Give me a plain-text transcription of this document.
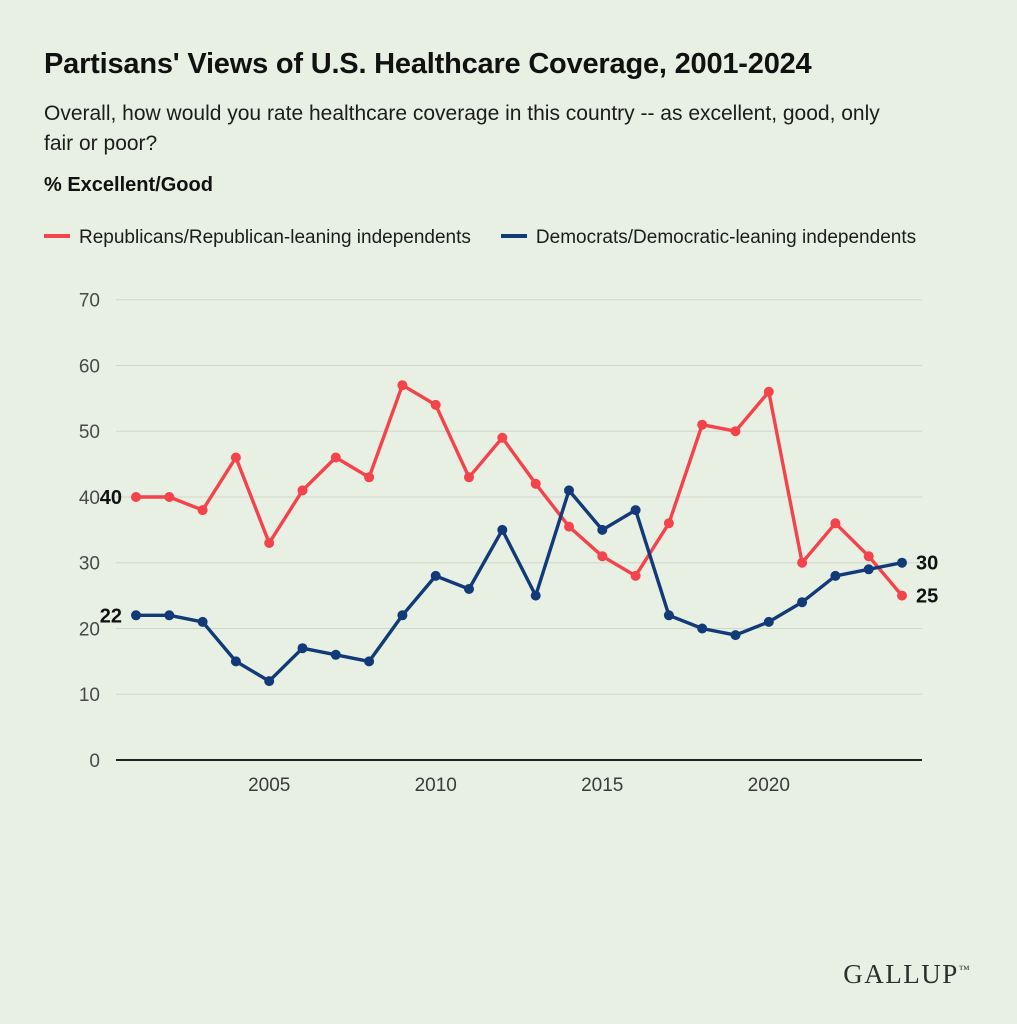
Partisans' Views of U.S. Healthcare Coverage, 2001-2024

Overall, how would you rate healthcare coverage in this country -- as excellent, good, only fair or poor?

% Excellent/Good

Republicans/Republican-leaning independents	Democrats/Democratic-leaning independents
0
10
20
30
40
50
60
70
2005	2010	2015	2020
40
25
22
30
GALLUP™
